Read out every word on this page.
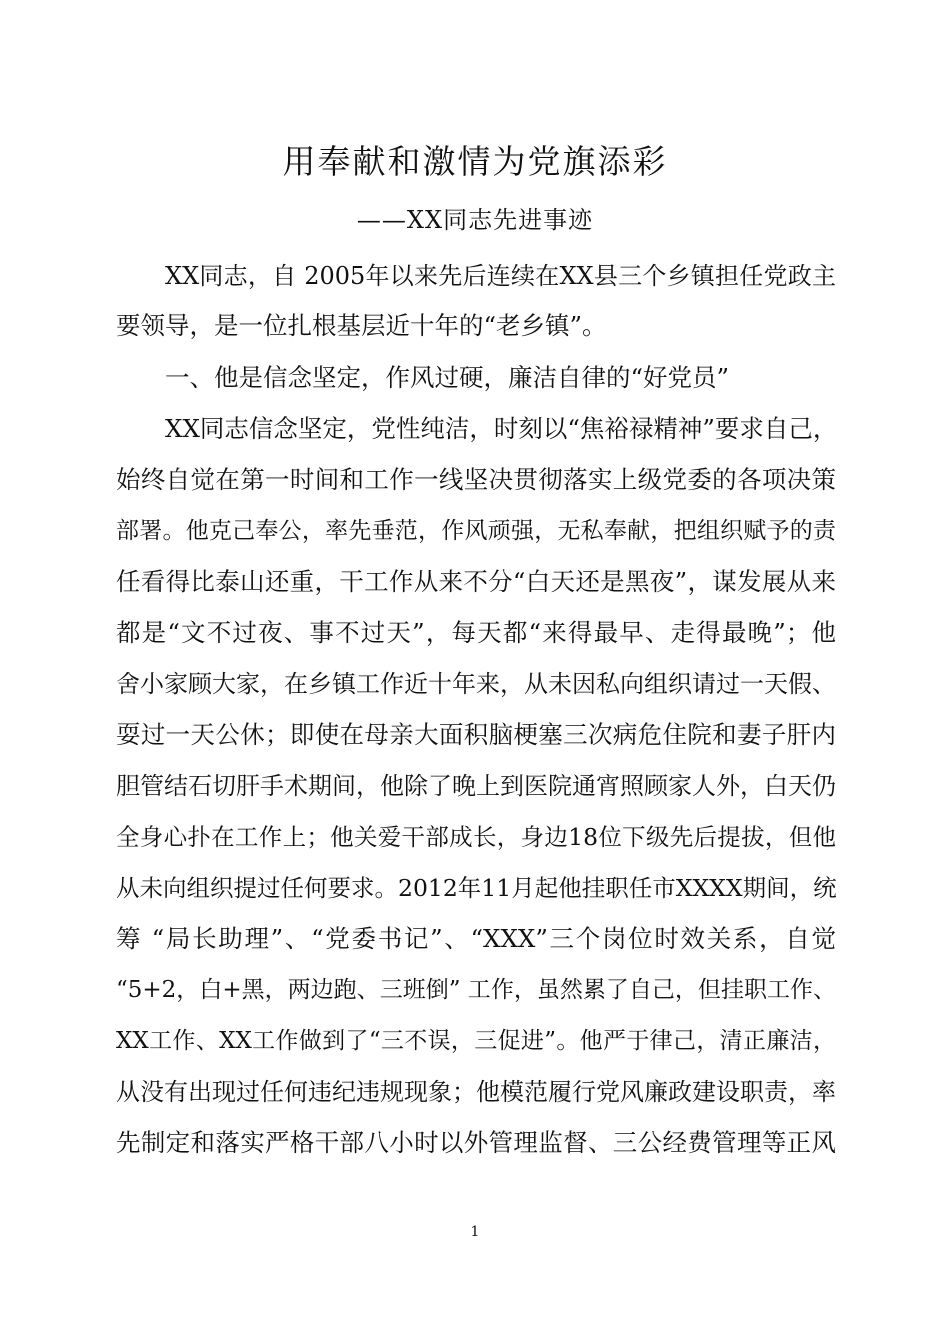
用奉献和激情为党旗添彩
——XX同志先进事迹
XX同志，自 2005年以来先后连续在XX县三个乡镇担任党政主
要领导，是一位扎根基层近十年的“老乡镇”。
一、他是信念坚定，作风过硬，廉洁自律的“好党员”
XX同志信念坚定，党性纯洁，时刻以“焦裕禄精神”要求自己，
始终自觉在第一时间和工作一线坚决贯彻落实上级党委的各项决策
部署。他克己奉公，率先垂范，作风顽强，无私奉献，把组织赋予的责
任看得比泰山还重，干工作从来不分“白天还是黑夜”，谋发展从来
都是“文不过夜、事不过天”，每天都“来得最早、走得最晚”；他
舍小家顾大家，在乡镇工作近十年来，从未因私向组织请过一天假、
耍过一天公休；即使在母亲大面积脑梗塞三次病危住院和妻子肝内
胆管结石切肝手术期间，他除了晚上到医院通宵照顾家人外，白天仍
全身心扑在工作上；他关爱干部成长，身边18位下级先后提拔，但他
从未向组织提过任何要求。2012年11月起他挂职任市XXXX期间，统
筹 “局长助理”、“党委书记”、“XXX”三个岗位时效关系，自觉
“5+2，白+黑，两边跑、三班倒” 工作，虽然累了自己，但挂职工作、
XX工作、XX工作做到了“三不误，三促进”。他严于律己，清正廉洁，
从没有出现过任何违纪违规现象；他模范履行党风廉政建设职责，率
先制定和落实严格干部八小时以外管理监督、三公经费管理等正风
1
